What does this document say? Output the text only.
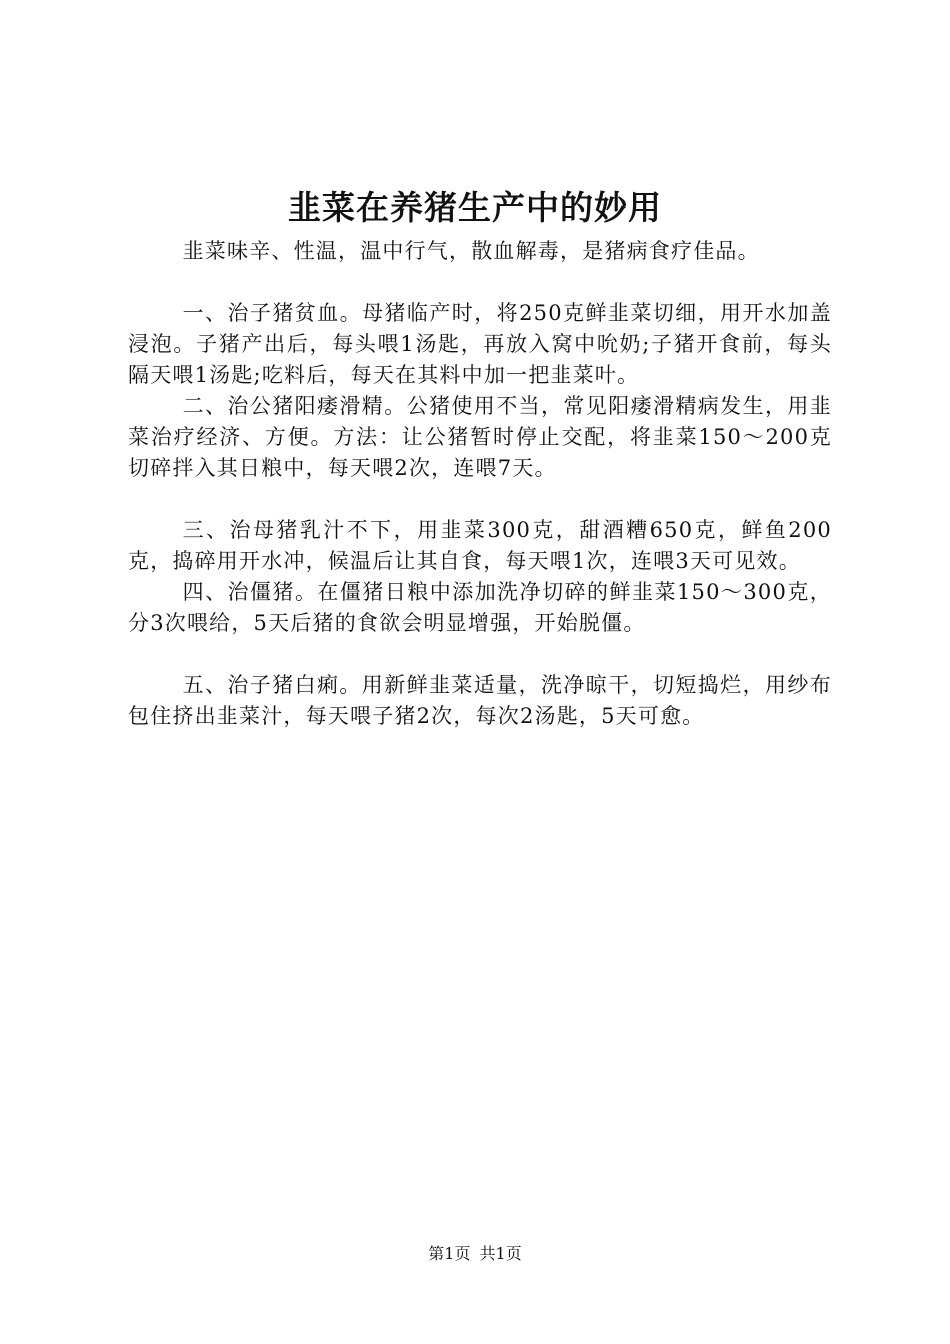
韭菜在养猪生产中的妙用

韭菜味辛、性温，温中行气，散血解毒，是猪病食疗佳品。

一、治子猪贫血。母猪临产时，将250克鲜韭菜切细，用开水加盖浸泡。子猪产出后，每头喂1汤匙，再放入窝中吮奶;子猪开食前，每头隔天喂1汤匙;吃料后，每天在其料中加一把韭菜叶。

二、治公猪阳痿滑精。公猪使用不当，常见阳痿滑精病发生，用韭菜治疗经济、方便。方法：让公猪暂时停止交配，将韭菜150～200克切碎拌入其日粮中，每天喂2次，连喂7天。

三、治母猪乳汁不下，用韭菜300克，甜酒糟650克，鲜鱼200克，捣碎用开水冲，候温后让其自食，每天喂1次，连喂3天可见效。

四、治僵猪。在僵猪日粮中添加洗净切碎的鲜韭菜150～300克，分3次喂给，5天后猪的食欲会明显增强，开始脱僵。

五、治子猪白痢。用新鲜韭菜适量，洗净晾干，切短捣烂，用纱布包住挤出韭菜汁，每天喂子猪2次，每次2汤匙，5天可愈。

第1页 共1页
